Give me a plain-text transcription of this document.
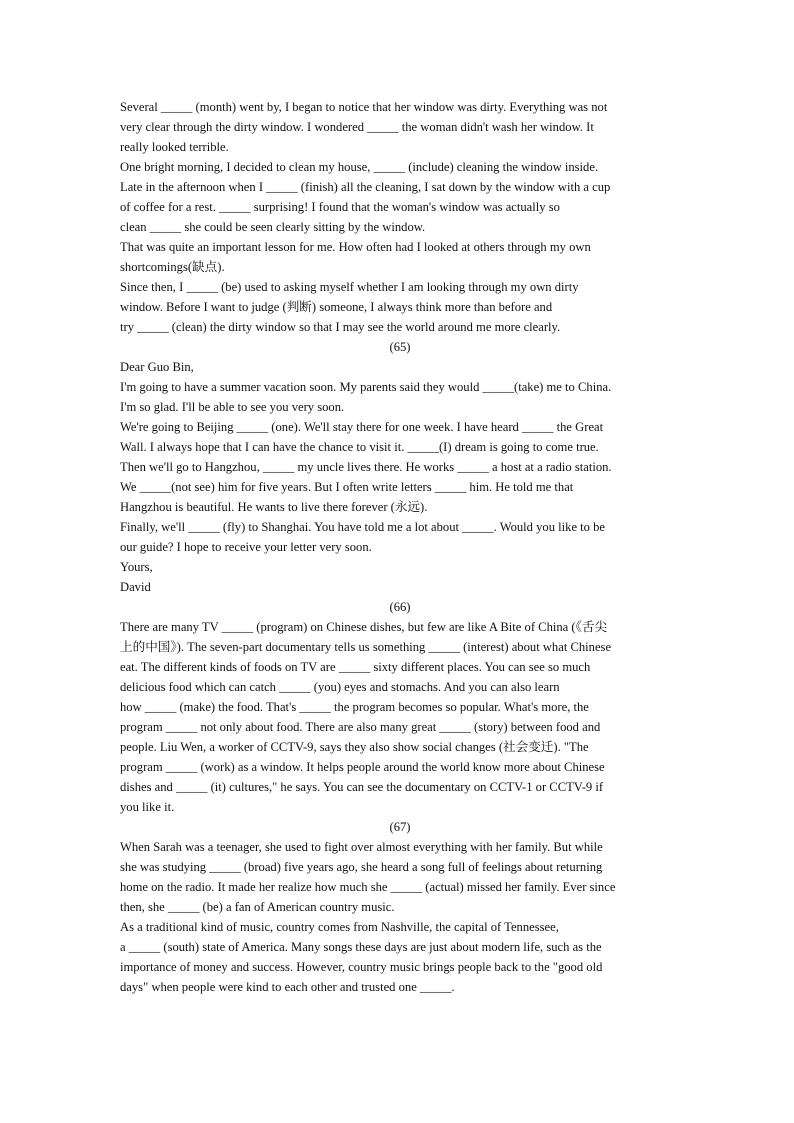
Several _____ (month) went by, I began to notice that her window was dirty. Everything was not
very clear through the dirty window. I wondered _____ the woman didn't wash her window. It
really looked terrible.
One bright morning, I decided to clean my house, _____ (include) cleaning the window inside.
Late in the afternoon when I _____ (finish) all the cleaning, I sat down by the window with a cup
of coffee for a rest. _____ surprising! I found that the woman's window was actually so
clean _____ she could be seen clearly sitting by the window.
That was quite an important lesson for me. How often had I looked at others through my own
shortcomings(缺点).
Since then, I _____ (be) used to asking myself whether I am looking through my own dirty
window. Before I want to judge (判断) someone, I always think more than before and
try _____ (clean) the dirty window so that I may see the world around me more clearly.
(65)
Dear Guo Bin,
I'm going to have a summer vacation soon. My parents said they would _____(take) me to China.
I'm so glad. I'll be able to see you very soon.
We're going to Beijing _____ (one). We'll stay there for one week. I have heard _____ the Great
Wall. I always hope that I can have the chance to visit it. _____(I) dream is going to come true.
Then we'll go to Hangzhou, _____ my uncle lives there. He works _____ a host at a radio station.
We _____(not see) him for five years. But I often write letters _____ him. He told me that
Hangzhou is beautiful. He wants to live there forever (永远).
Finally, we'll _____ (fly) to Shanghai. You have told me a lot about _____. Would you like to be
our guide? I hope to receive your letter very soon.
Yours,
David
(66)
There are many TV _____ (program) on Chinese dishes, but few are like A Bite of China (《舌尖
上的中国》). The seven-part documentary tells us something _____ (interest) about what Chinese
eat. The different kinds of foods on TV are _____ sixty different places. You can see so much
delicious food which can catch _____ (you) eyes and stomachs. And you can also learn
how _____ (make) the food. That's _____ the program becomes so popular. What's more, the
program _____ not only about food. There are also many great _____ (story) between food and
people. Liu Wen, a worker of CCTV-9, says they also show social changes (社会变迁). "The
program _____ (work) as a window. It helps people around the world know more about Chinese
dishes and _____ (it) cultures," he says. You can see the documentary on CCTV-1 or CCTV-9 if
you like it.
(67)
When Sarah was a teenager, she used to fight over almost everything with her family. But while
she was studying _____ (broad) five years ago, she heard a song full of feelings about returning
home on the radio. It made her realize how much she _____ (actual) missed her family. Ever since
then, she _____ (be) a fan of American country music.
As a traditional kind of music, country comes from Nashville, the capital of Tennessee,
a _____ (south) state of America. Many songs these days are just about modern life, such as the
importance of money and success. However, country music brings people back to the "good old
days" when people were kind to each other and trusted one _____.
